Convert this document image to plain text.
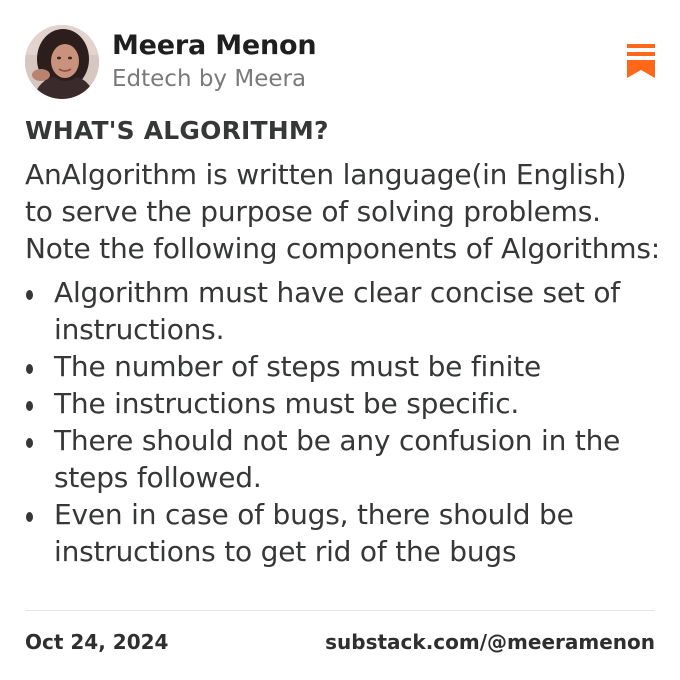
Meera Menon
Edtech by Meera
WHAT'S ALGORITHM?

AnAlgorithm is written language(in English) to serve the purpose of solving problems. Note the following components of Algorithms:

Algorithm must have clear concise set of instructions.
The number of steps must be finite
The instructions must be specific.
There should not be any confusion in the steps followed.
Even in case of bugs, there should be instructions to get rid of the bugs
Oct 24, 2024	substack.com/@meeramenon
